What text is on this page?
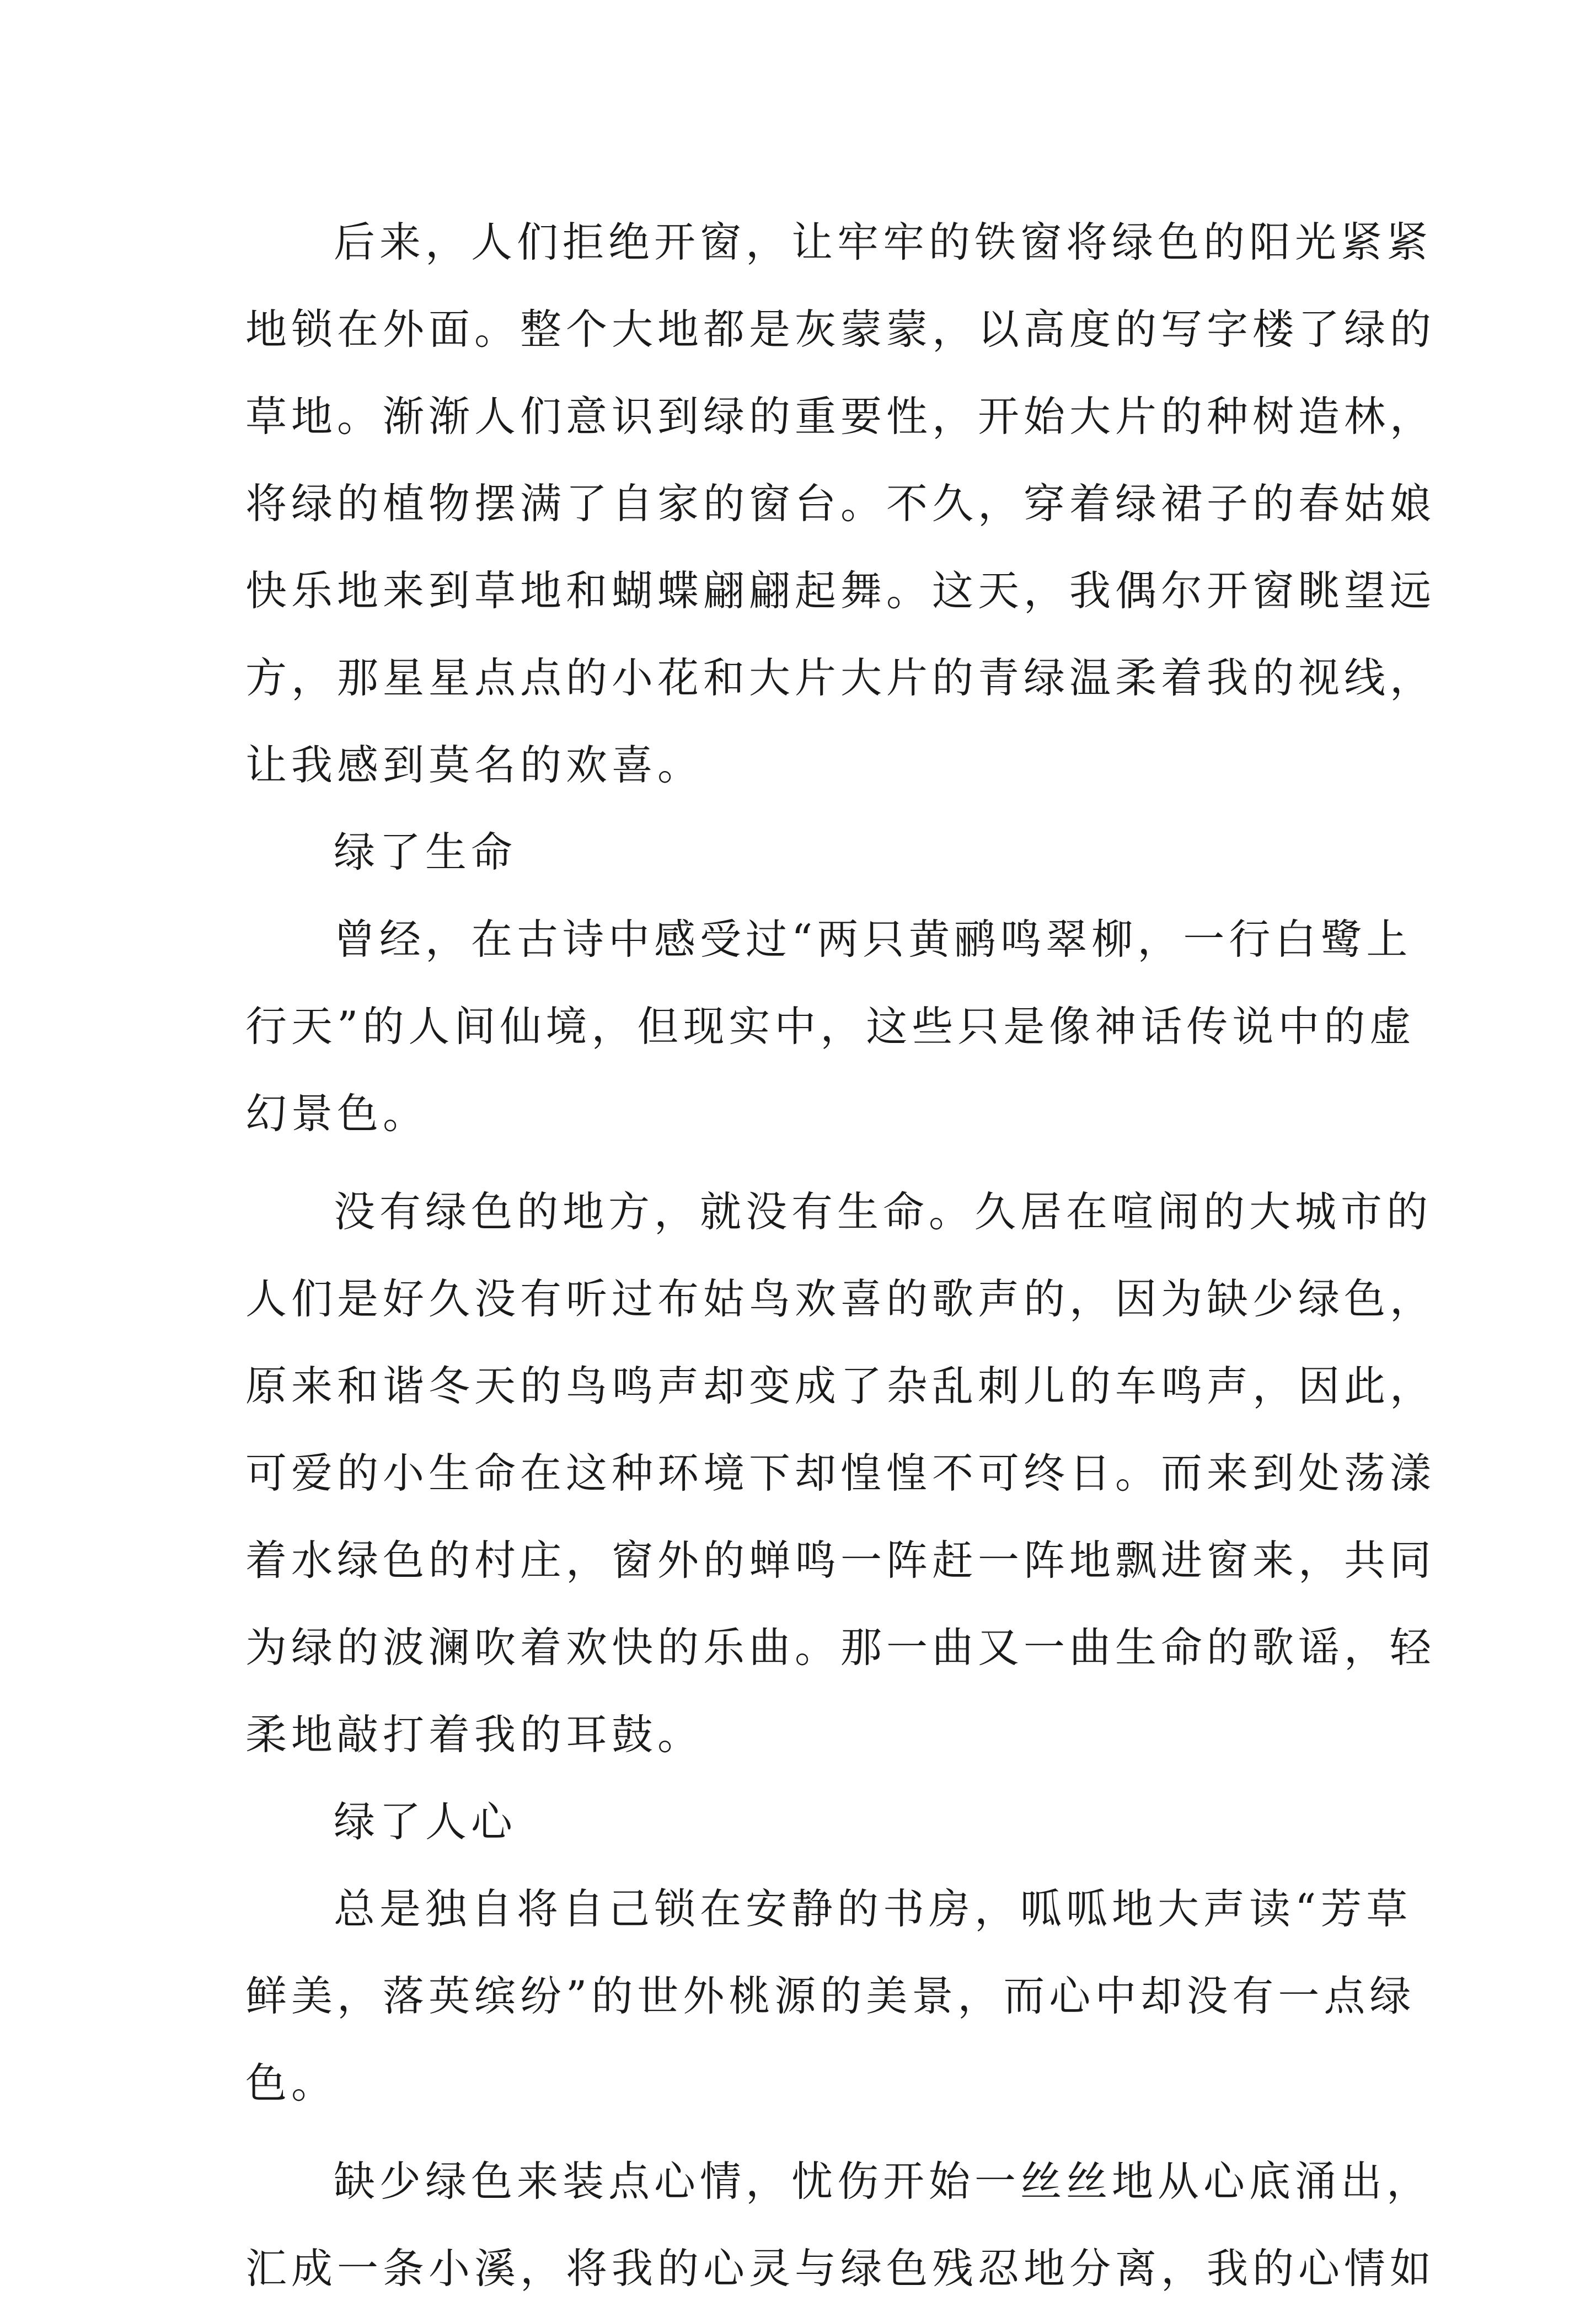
后来，人们拒绝开窗，让牢牢的铁窗将绿色的阳光紧紧
地锁在外面。整个大地都是灰蒙蒙，以高度的写字楼了绿的
草地。渐渐人们意识到绿的重要性，开始大片的种树造林，
将绿的植物摆满了自家的窗台。不久，穿着绿裙子的春姑娘
快乐地来到草地和蝴蝶翩翩起舞。这天，我偶尔开窗眺望远
方，那星星点点的小花和大片大片的青绿温柔着我的视线，
让我感到莫名的欢喜。
绿了生命
曾经，在古诗中感受过“两只黄鹂鸣翠柳，一行白鹭上
行天”的人间仙境，但现实中，这些只是像神话传说中的虚
幻景色。
没有绿色的地方，就没有生命。久居在喧闹的大城市的
人们是好久没有听过布姑鸟欢喜的歌声的，因为缺少绿色，
原来和谐冬天的鸟鸣声却变成了杂乱刺儿的车鸣声，因此，
可爱的小生命在这种环境下却惶惶不可终日。而来到处荡漾
着水绿色的村庄，窗外的蝉鸣一阵赶一阵地飘进窗来，共同
为绿的波澜吹着欢快的乐曲。那一曲又一曲生命的歌谣，轻
柔地敲打着我的耳鼓。
绿了人心
总是独自将自己锁在安静的书房，呱呱地大声读“芳草
鲜美，落英缤纷”的世外桃源的美景，而心中却没有一点绿
色。
缺少绿色来装点心情，忧伤开始一丝丝地从心底涌出，
汇成一条小溪，将我的心灵与绿色残忍地分离，我的心情如
